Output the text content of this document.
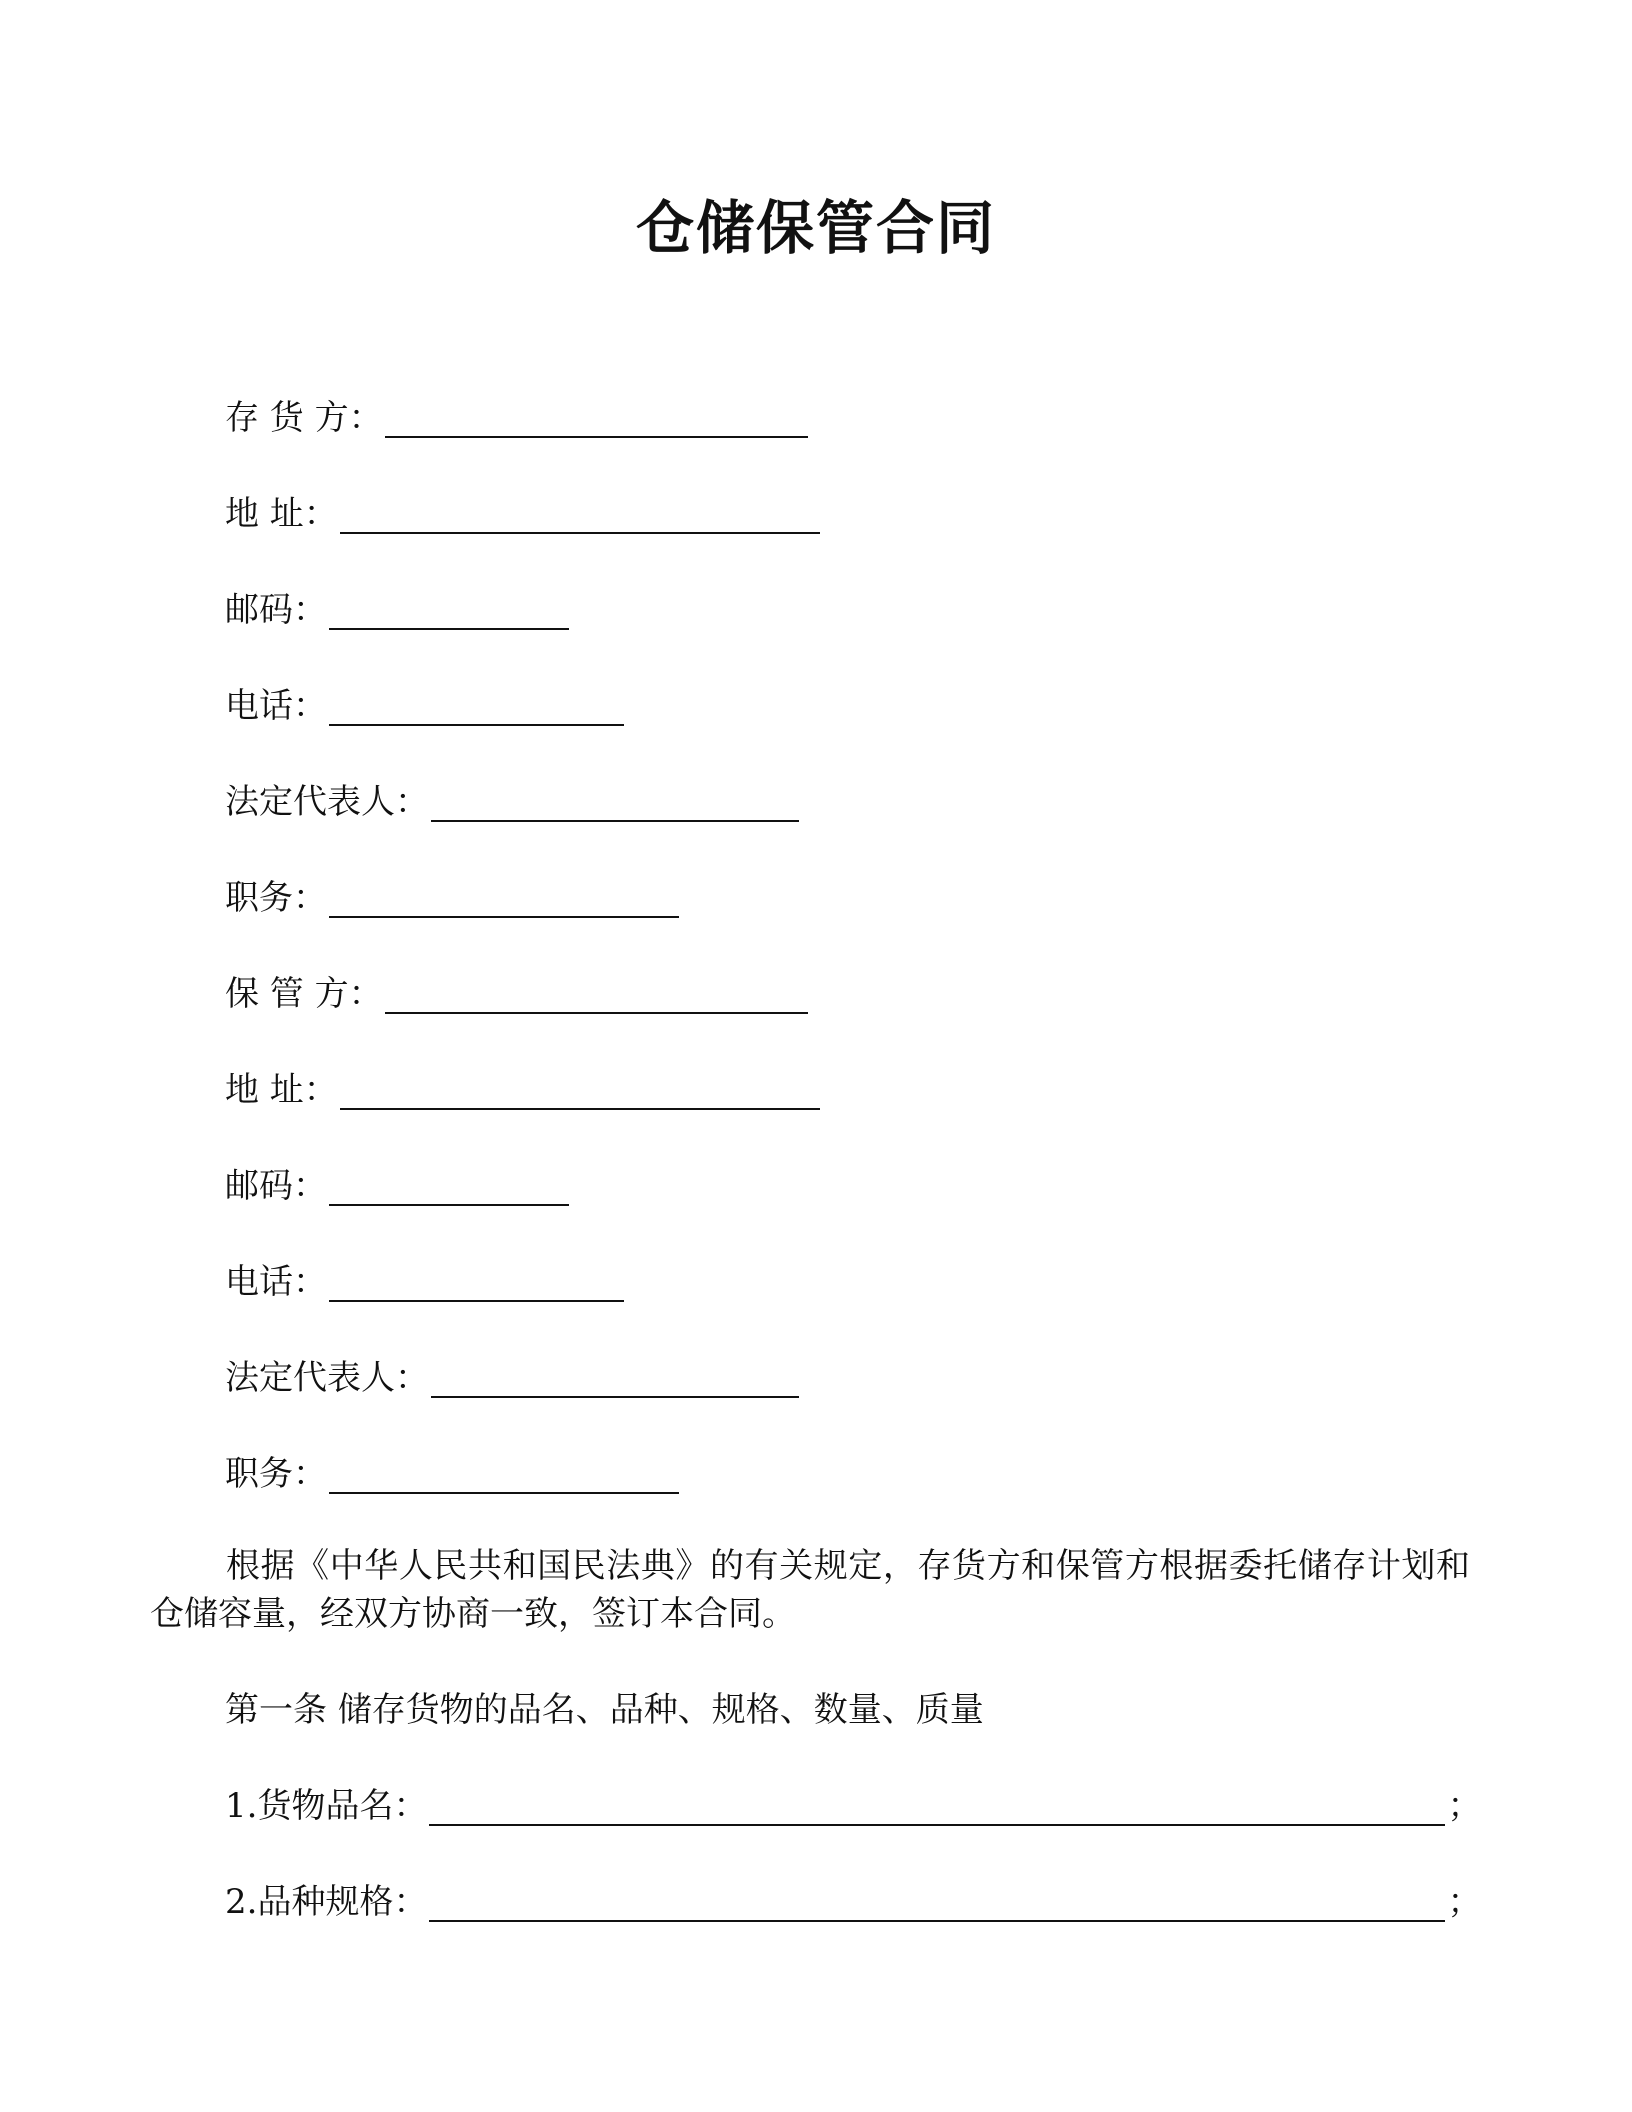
仓储保管合同
存 货 方：
地 址：
邮码：
电话：
法定代表人：
职务：
保 管 方：
地 址：
邮码：
电话：
法定代表人：
职务：

根据《中华人民共和国民法典》的有关规定，存货方和保管方根据委托储存计划和仓储容量，经双方协商一致，签订本合同。

第一条 储存货物的品名、品种、规格、数量、质量

1.货物品名：	；
2.品种规格：	；
